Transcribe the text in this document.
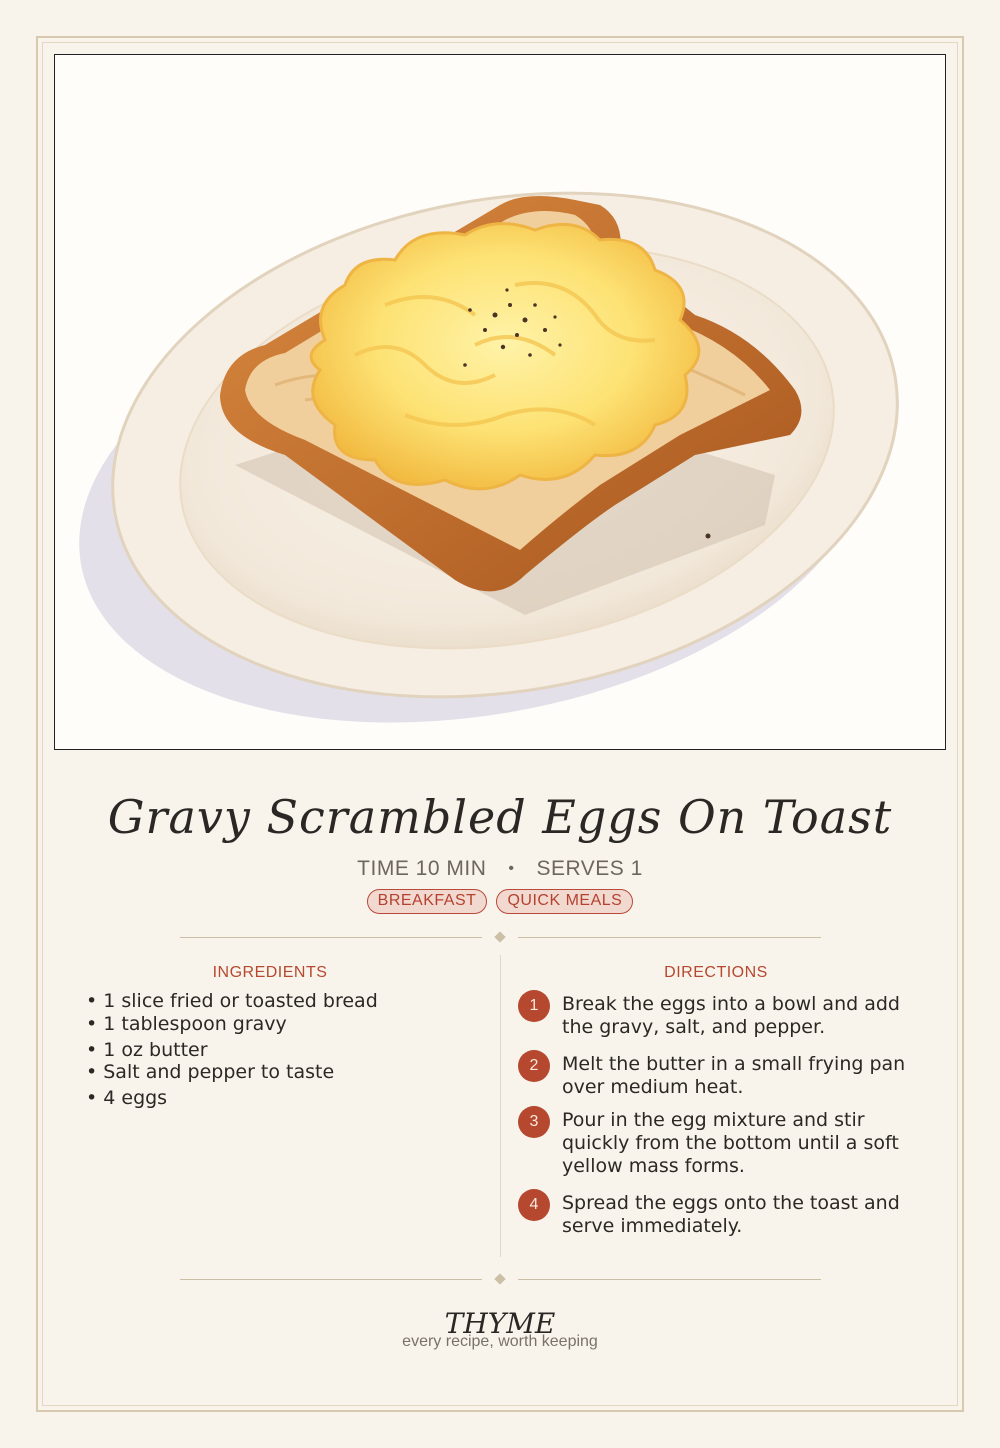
Gravy Scrambled Eggs On Toast
TIME 10 MIN • SERVES 1
BREAKFAST QUICK MEALS
INGREDIENTS
• 1 slice fried or toasted bread
• 1 tablespoon gravy
• 1 oz butter
• Salt and pepper to taste
• 4 eggs
DIRECTIONS
1	Break the eggs into a bowl and add the gravy, salt, and pepper.
2	Melt the butter in a small frying pan over medium heat.
3	Pour in the egg mixture and stir quickly from the bottom until a soft yellow mass forms.
4	Spread the eggs onto the toast and serve immediately.
THYME
every recipe, worth keeping
